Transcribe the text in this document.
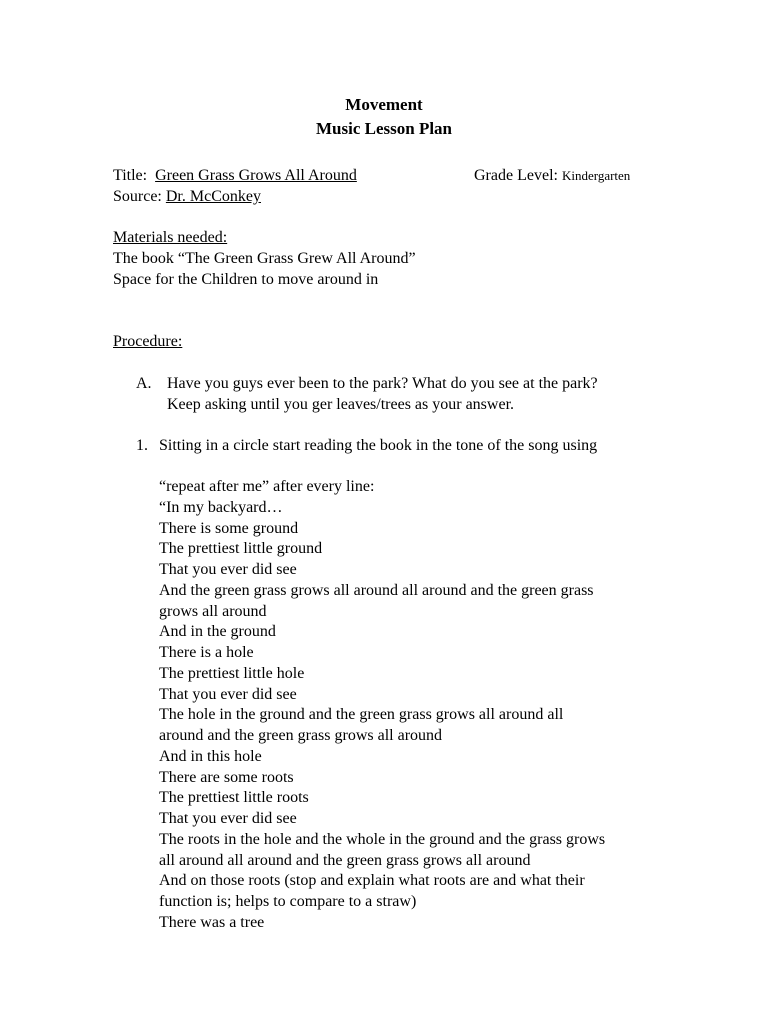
Movement
Music Lesson Plan
Title: Green Grass Grows All Around	Grade Level: Kindergarten
Source: Dr. McConkey
Materials needed:
The book “The Green Grass Grew All Around”
Space for the Children to move around in
Procedure:
A. Have you guys ever been to the park? What do you see at the park?
Keep asking until you ger leaves/trees as your answer.
1. Sitting in a circle start reading the book in the tone of the song using
“repeat after me” after every line:
“In my backyard…
There is some ground
The prettiest little ground
That you ever did see
And the green grass grows all around all around and the green grass
grows all around
And in the ground
There is a hole
The prettiest little hole
That you ever did see
The hole in the ground and the green grass grows all around all
around and the green grass grows all around
And in this hole
There are some roots
The prettiest little roots
That you ever did see
The roots in the hole and the whole in the ground and the grass grows
all around all around and the green grass grows all around
And on those roots (stop and explain what roots are and what their
function is; helps to compare to a straw)
There was a tree
